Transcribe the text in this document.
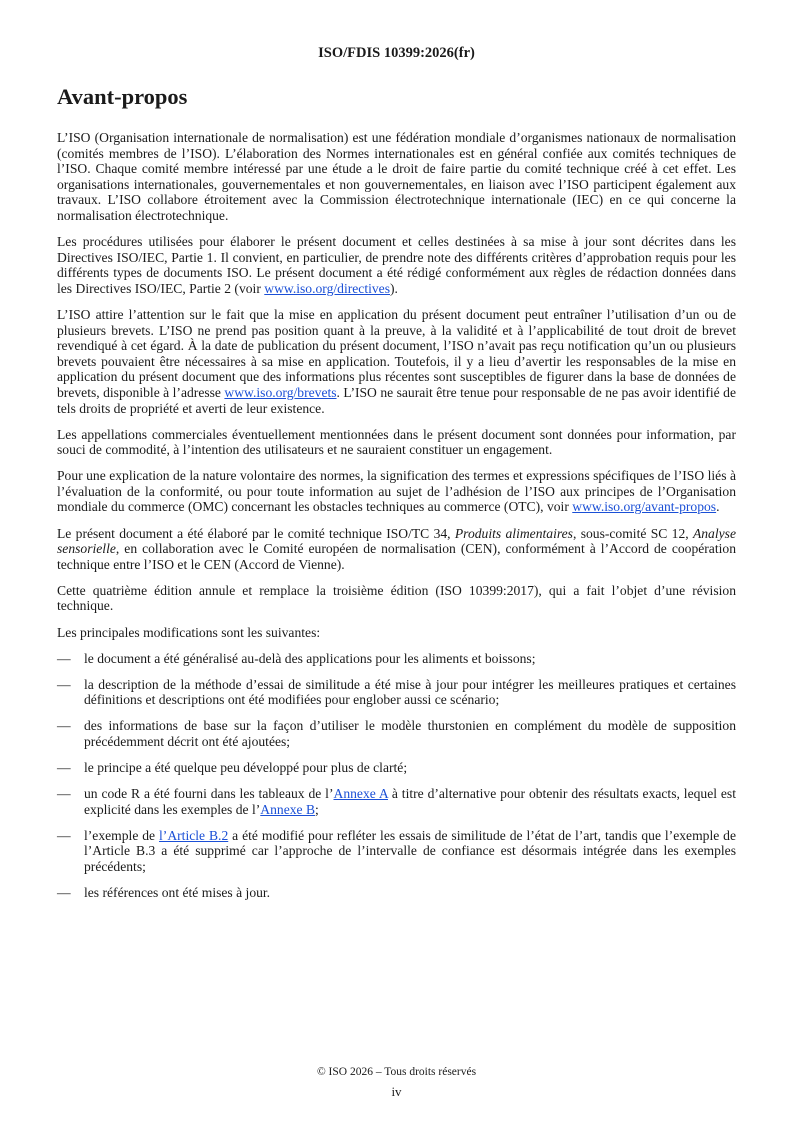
ISO/FDIS 10399:2026(fr)
Avant-propos

L’ISO (Organisation internationale de normalisation) est une fédération mondiale d’organismes nationaux de normalisation (comités membres de l’ISO). L’élaboration des Normes internationales est en général confiée aux comités techniques de l’ISO. Chaque comité membre intéressé par une étude a le droit de faire partie du comité technique créé à cet effet. Les organisations internationales, gouvernementales et non gouvernementales, en liaison avec l’ISO participent également aux travaux. L’ISO collabore étroitement avec la Commission électrotechnique internationale (IEC) en ce qui concerne la normalisation électrotechnique.

Les procédures utilisées pour élaborer le présent document et celles destinées à sa mise à jour sont décrites dans les Directives ISO/IEC, Partie 1. Il convient, en particulier, de prendre note des différents critères d’approbation requis pour les différents types de documents ISO. Le présent document a été rédigé conformément aux règles de rédaction données dans les Directives ISO/IEC, Partie 2 (voir www.iso.org/directives).

L’ISO attire l’attention sur le fait que la mise en application du présent document peut entraîner l’utilisation d’un ou de plusieurs brevets. L’ISO ne prend pas position quant à la preuve, à la validité et à l’applicabilité de tout droit de brevet revendiqué à cet égard. À la date de publication du présent document, l’ISO n’avait pas reçu notification qu’un ou plusieurs brevets pouvaient être nécessaires à sa mise en application. Toutefois, il y a lieu d’avertir les responsables de la mise en application du présent document que des informations plus récentes sont susceptibles de figurer dans la base de données de brevets, disponible à l’adresse www.iso.org/brevets. L’ISO ne saurait être tenue pour responsable de ne pas avoir identifié de tels droits de propriété et averti de leur existence.

Les appellations commerciales éventuellement mentionnées dans le présent document sont données pour information, par souci de commodité, à l’intention des utilisateurs et ne sauraient constituer un engagement.

Pour une explication de la nature volontaire des normes, la signification des termes et expressions spécifiques de l’ISO liés à l’évaluation de la conformité, ou pour toute information au sujet de l’adhésion de l’ISO aux principes de l’Organisation mondiale du commerce (OMC) concernant les obstacles techniques au commerce (OTC), voir www.iso.org/avant-propos.

Le présent document a été élaboré par le comité technique ISO/TC 34, Produits alimentaires, sous-comité SC 12, Analyse sensorielle, en collaboration avec le Comité européen de normalisation (CEN), conformément à l’Accord de coopération technique entre l’ISO et le CEN (Accord de Vienne).

Cette quatrième édition annule et remplace la troisième édition (ISO 10399:2017), qui a fait l’objet d’une révision technique.

Les principales modifications sont les suivantes:

— le document a été généralisé au-delà des applications pour les aliments et boissons;
— la description de la méthode d’essai de similitude a été mise à jour pour intégrer les meilleures pratiques et certaines définitions et descriptions ont été modifiées pour englober aussi ce scénario;
— des informations de base sur la façon d’utiliser le modèle thurstonien en complément du modèle de supposition précédemment décrit ont été ajoutées;
— le principe a été quelque peu développé pour plus de clarté;
— un code R a été fourni dans les tableaux de l’Annexe A à titre d’alternative pour obtenir des résultats exacts, lequel est explicité dans les exemples de l’Annexe B;
— l’exemple de l’Article B.2 a été modifié pour refléter les essais de similitude de l’état de l’art, tandis que l’exemple de l’Article B.3 a été supprimé car l’approche de l’intervalle de confiance est désormais intégrée dans les exemples précédents;
— les références ont été mises à jour.
© ISO 2026 – Tous droits réservés
iv
